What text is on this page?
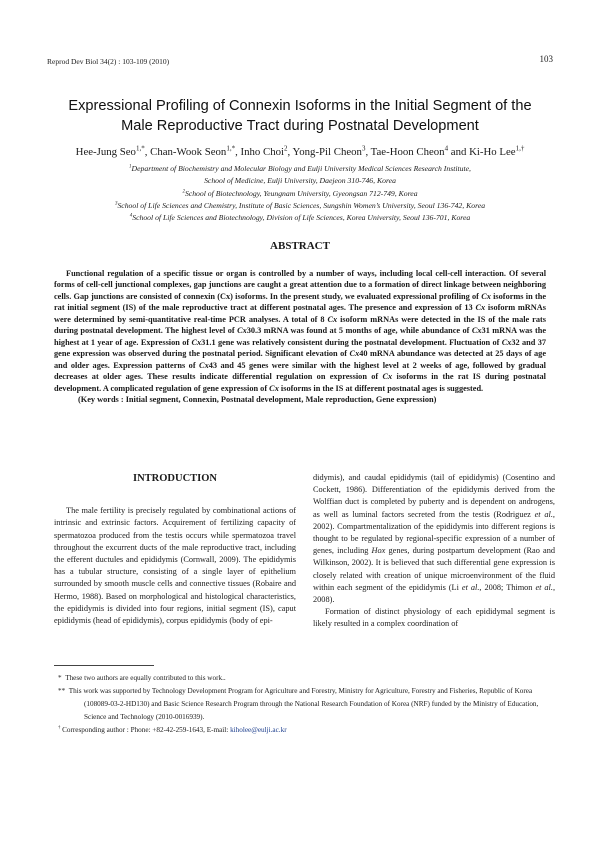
Reprod Dev Biol 34(2) : 103-109 (2010)	103
Expressional Profiling of Connexin Isoforms in the Initial Segment of the
Male Reproductive Tract during Postnatal Development
Hee-Jung Seo$^{1,*}$, Chan-Wook Seon$^{1,*}$, Inho Choi$^2$, Yong-Pil Cheon$^3$, Tae-Hoon Cheon$^4$ and Ki-Ho Lee$^{1,\dagger}$
$^1$Department of Biochemistry and Molecular Biology and Eulji University Medical Sciences Research Institute,
School of Medicine, Eulji University, Daejeon 310-746, Korea
$^2$School of Biotechnology, Yeungnam University, Gyeongsan 712-749, Korea
$^3$School of Life Sciences and Chemistry, Institute of Basic Sciences, Sungshin Women’s University, Seoul 136-742, Korea
$^4$School of Life Sciences and Biotechnology, Division of Life Sciences, Korea University, Seoul 136-701, Korea
ABSTRACT

Functional regulation of a specific tissue or organ is controlled by a number of ways, including local cell-cell interaction. Of several forms of cell-cell junctional complexes, gap junctions are caught a great attention due to a formation of direct linkage between neighboring cells. Gap junctions are consisted of connexin (Cx) isoforms. In the present study, we evaluated expressional profiling of Cx isoforms in the rat initial segment (IS) of the male reproductive tract at different postnatal ages. The presence and expression of 13 Cx isoform mRNAs were determined by semi-quantitative real-time PCR analyses. A total of 8 Cx isoform mRNAs were detected in the IS of the male rats during postnatal development. The highest level of Cx30.3 mRNA was found at 5 months of age, while abundance of Cx31 mRNA was the highest at 1 year of age. Expression of Cx31.1 gene was relatively consistent during the postnatal development. Fluctuation of Cx32 and 37 gene expression was observed during the postnatal period. Significant elevation of Cx40 mRNA abundance was detected at 25 days of age and older ages. Expression patterns of Cx43 and 45 genes were similar with the highest level at 2 weeks of age, followed by gradual decreases at older ages. These results indicate differential regulation on expression of Cx isoforms in the rat IS during postnatal development. A complicated regulation of gene expression of Cx isoforms in the IS at different postnatal ages is suggested.

(Key words : Initial segment, Connexin, Postnatal development, Male reproduction, Gene expression)

INTRODUCTION

The male fertility is precisely regulated by combinational actions of intrinsic and extrinsic factors. Acquirement of fertilizing capacity of spermatozoa produced from the testis occurs while spermatozoa travel throughout the excurrent ducts of the male reproductive tract, including the efferent ductules and epididymis (Cornwall, 2009). The epididymis has a tubular structure, consisting of a single layer of epithelium surrounded by smooth muscle cells and connective tissues (Robaire and Hermo, 1988). Based on morphological and histological characteristics, the epididymis is divided into four regions, initial segment (IS), caput epididymis (head of epididymis), corpus epididymis (body of epi-

didymis), and caudal epididymis (tail of epididymis) (Cosentino and Cockett, 1986). Differentiation of the epididymis derived from the Wolffian duct is completed by puberty and is dependent on androgens, as well as luminal factors secreted from the testis (Rodriguez et al., 2002). Compartmentalization of the epididymis into different regions is thought to be regulated by regional-specific expression of a number of genes, including Hox genes, during postpartum development (Rao and Wilkinson, 2002). It is believed that such differential gene expression is closely related with creation of unique microenvironment of the fluid within each segment of the epididymis (Li et al., 2008; Thimon et al., 2008).

Formation of distinct physiology of each epididymal segment is likely resulted in a complex coordination of

* These two authors are equally contributed to this work..

** This work was supported by Technology Development Program for Agriculture and Forestry, Ministry for Agriculture, Forestry and Fisheries, Republic of Korea (108089-03-2-HD130) and Basic Science Research Program through the National Research Foundation of Korea (NRF) funded by the Ministry of Education, Science and Technology (2010-0016939).

† Corresponding author : Phone: +82-42-259-1643, E-mail: kiholee@eulji.ac.kr
